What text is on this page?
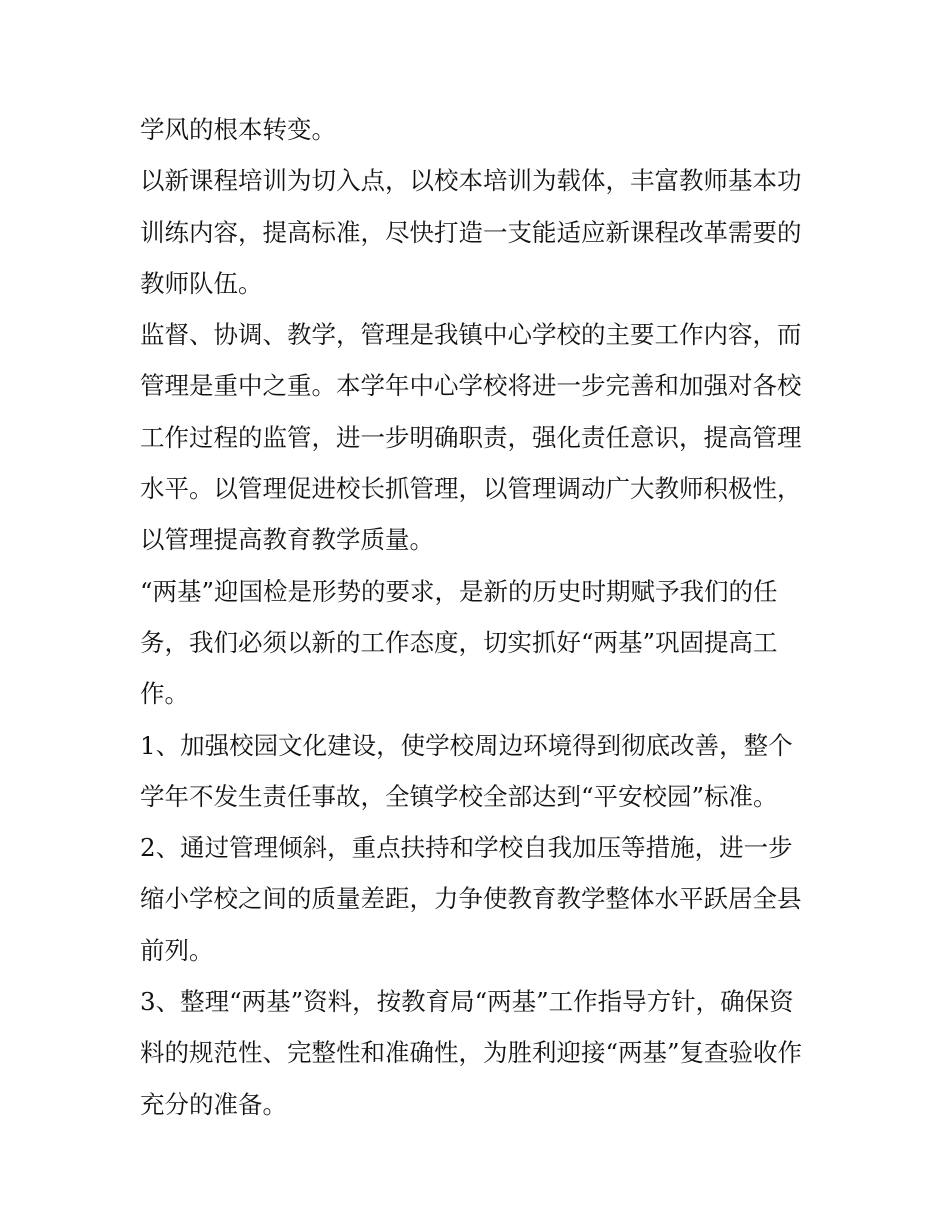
学风的根本转变。

以新课程培训为切入点，以校本培训为载体，丰富教师基本功

训练内容，提高标准，尽快打造一支能适应新课程改革需要的

教师队伍。

监督、协调、教学，管理是我镇中心学校的主要工作内容，而

管理是重中之重。本学年中心学校将进一步完善和加强对各校

工作过程的监管，进一步明确职责，强化责任意识，提高管理

水平。以管理促进校长抓管理，以管理调动广大教师积极性，

以管理提高教育教学质量。

“两基”迎国检是形势的要求，是新的历史时期赋予我们的任

务，我们必须以新的工作态度，切实抓好“两基”巩固提高工

作。

1、加强校园文化建设，使学校周边环境得到彻底改善，整个

学年不发生责任事故，全镇学校全部达到“平安校园”标准。

2、通过管理倾斜，重点扶持和学校自我加压等措施，进一步

缩小学校之间的质量差距，力争使教育教学整体水平跃居全县

前列。

3、整理“两基”资料，按教育局“两基”工作指导方针，确保资

料的规范性、完整性和准确性，为胜利迎接“两基”复查验收作

充分的准备。
